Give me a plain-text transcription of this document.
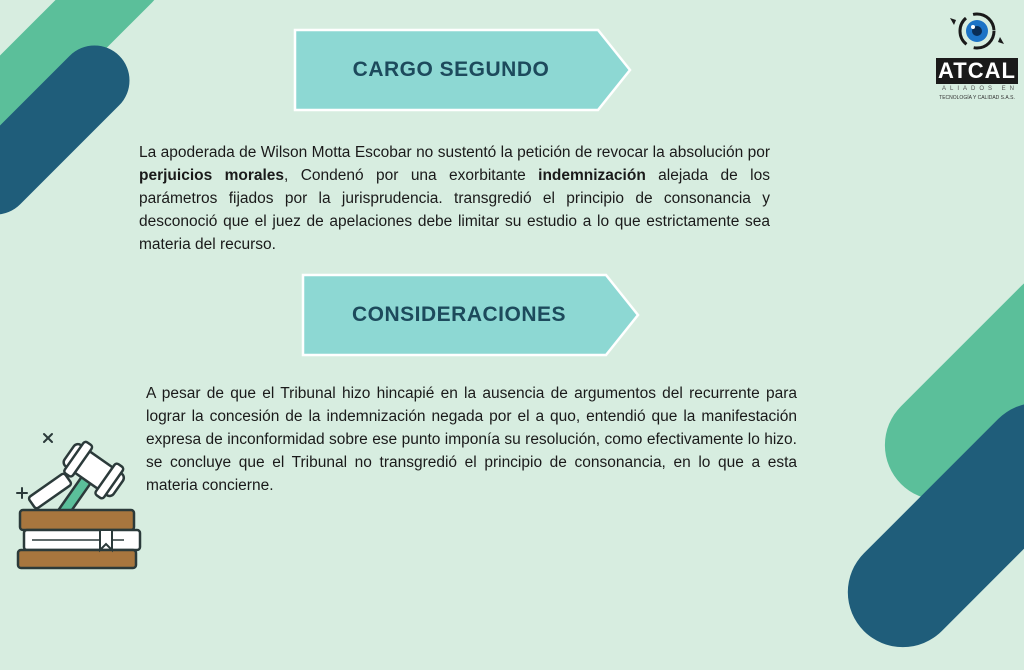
CARGO SEGUNDO
La apoderada de Wilson Motta Escobar no sustentó la petición de revocar la absolución por perjuicios morales, Condenó por una exorbitante indemnización alejada de los parámetros fijados por la jurisprudencia. transgredió el principio de consonancia y desconoció que el juez de apelaciones debe limitar su estudio a lo que estrictamente sea materia del recurso.
CONSIDERACIONES
A pesar de que el Tribunal hizo hincapié en la ausencia de argumentos del recurrente para lograr la concesión de la indemnización negada por el a quo, entendió que la manifestación expresa de inconformidad sobre ese punto imponía su resolución, como efectivamente lo hizo. se concluye que el Tribunal no transgredió el principio de consonancia, en lo que a esta materia concierne.
ATCAL
ALIADOS EN
TECNOLOGÍA Y CALIDAD S.A.S.
